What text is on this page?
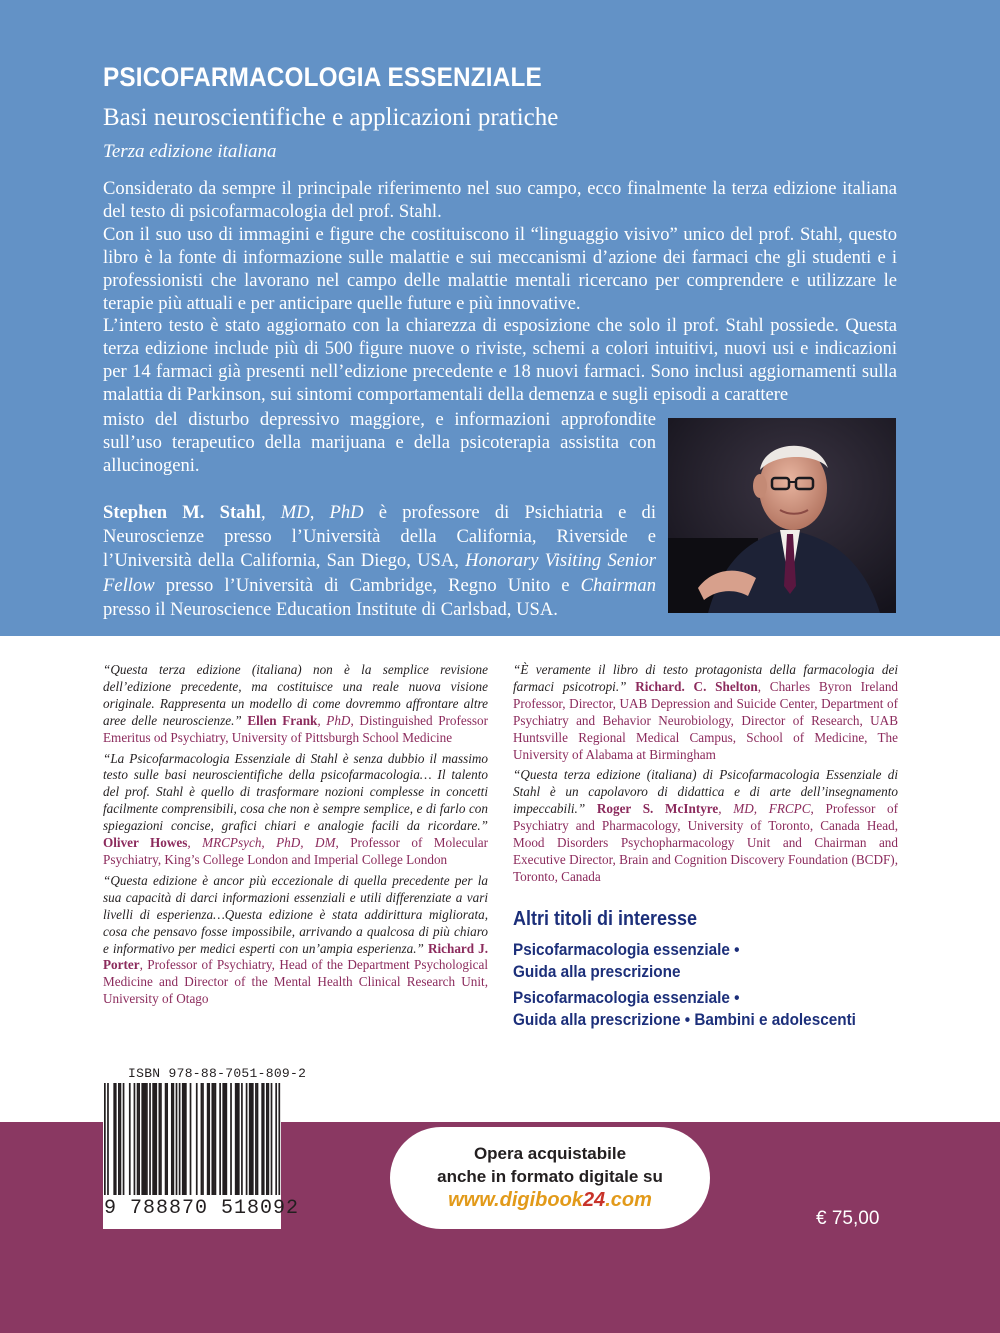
PSICOFARMACOLOGIA ESSENZIALE
Basi neuroscientifiche e applicazioni pratiche
Terza edizione italiana

Considerato da sempre il principale riferimento nel suo campo, ecco finalmente la terza edizione italiana del testo di psicofarmacologia del prof. Stahl.

Con il suo uso di immagini e figure che costituiscono il “linguaggio visivo” unico del prof. Stahl, questo libro è la fonte di informazione sulle malattie e sui meccanismi d’azione dei farmaci che gli studenti e i professionisti che lavorano nel campo delle malattie mentali ricercano per comprendere e utilizzare le terapie più attuali e per anticipare quelle future e più innovative.

L’intero testo è stato aggiornato con la chiarezza di esposizione che solo il prof. Stahl possiede. Questa terza edizione include più di 500 figure nuove o riviste, schemi a colori intuitivi, nuovi usi e indicazioni per 14 farmaci già presenti nell’edizione precedente e 18 nuovi farmaci. Sono inclusi aggiornamenti sulla malattia di Parkinson, sui sintomi comportamentali della demenza e sugli episodi a carattere

misto del disturbo depressivo maggiore, e informazioni approfondite sull’uso terapeutico della marijuana e della psicoterapia assistita con allucinogeni.

Stephen M. Stahl, MD, PhD è professore di Psichiatria e di Neuroscienze presso l’Università della California, Riverside e l’Università della California, San Diego, USA, Honorary Visiting Senior Fellow presso l’Università di Cambridge, Regno Unito e Chairman presso il Neuroscience Education Institute di Carlsbad, USA.

“Questa terza edizione (italiana) non è la semplice revisione dell’edizione precedente, ma costituisce una reale nuova visione originale. Rappresenta un modello di come dovremmo affrontare altre aree delle neuroscienze.” Ellen Frank, PhD, Distinguished Professor Emeritus od Psychiatry, University of Pittsburgh School Medicine

“La Psicofarmacologia Essenziale di Stahl è senza dubbio il massimo testo sulle basi neuroscientifiche della psicofarmacologia… Il talento del prof. Stahl è quello di trasformare nozioni complesse in concetti facilmente comprensibili, cosa che non è sempre semplice, e di farlo con spiegazioni concise, grafici chiari e analogie facili da ricordare.” Oliver Howes, MRCPsych, PhD, DM, Professor of Molecular Psychiatry, King’s College London and Imperial College London

“Questa edizione è ancor più eccezionale di quella precedente per la sua capacità di darci informazioni essenziali e utili differenziate a vari livelli di esperienza…Questa edizione è stata addirittura migliorata, cosa che pensavo fosse impossibile, arrivando a qualcosa di più chiaro e informativo per medici esperti con un’ampia esperienza.” Richard J. Porter, Professor of Psychiatry, Head of the Department Psychological Medicine and Director of the Mental Health Clinical Research Unit, University of Otago

“È veramente il libro di testo protagonista della farmacologia dei farmaci psicotropi.” Richard. C. Shelton, Charles Byron Ireland Professor, Director, UAB Depression and Suicide Center, Department of Psychiatry and Behavior Neurobiology, Director of Research, UAB Huntsville Regional Medical Campus, School of Medicine, The University of Alabama at Birmingham

“Questa terza edizione (italiana) di Psicofarmacologia Essenziale di Stahl è un capolavoro di didattica e di arte dell’insegnamento impeccabili.” Roger S. McIntyre, MD, FRCPC, Professor of Psychiatry and Pharmacology, University of Toronto, Canada Head, Mood Disorders Psychopharmacology Unit and Chairman and Executive Director, Brain and Cognition Discovery Foundation (BCDF), Toronto, Canada

Altri titoli di interesse
Psicofarmacologia essenziale •
Guida alla prescrizione
Psicofarmacologia essenziale •
Guida alla prescrizione • Bambini e adolescenti
ISBN 978-88-7051-809-2
9 788870 518092
Opera acquistabile
anche in formato digitale su
www.digibook24.com
€ 75,00
